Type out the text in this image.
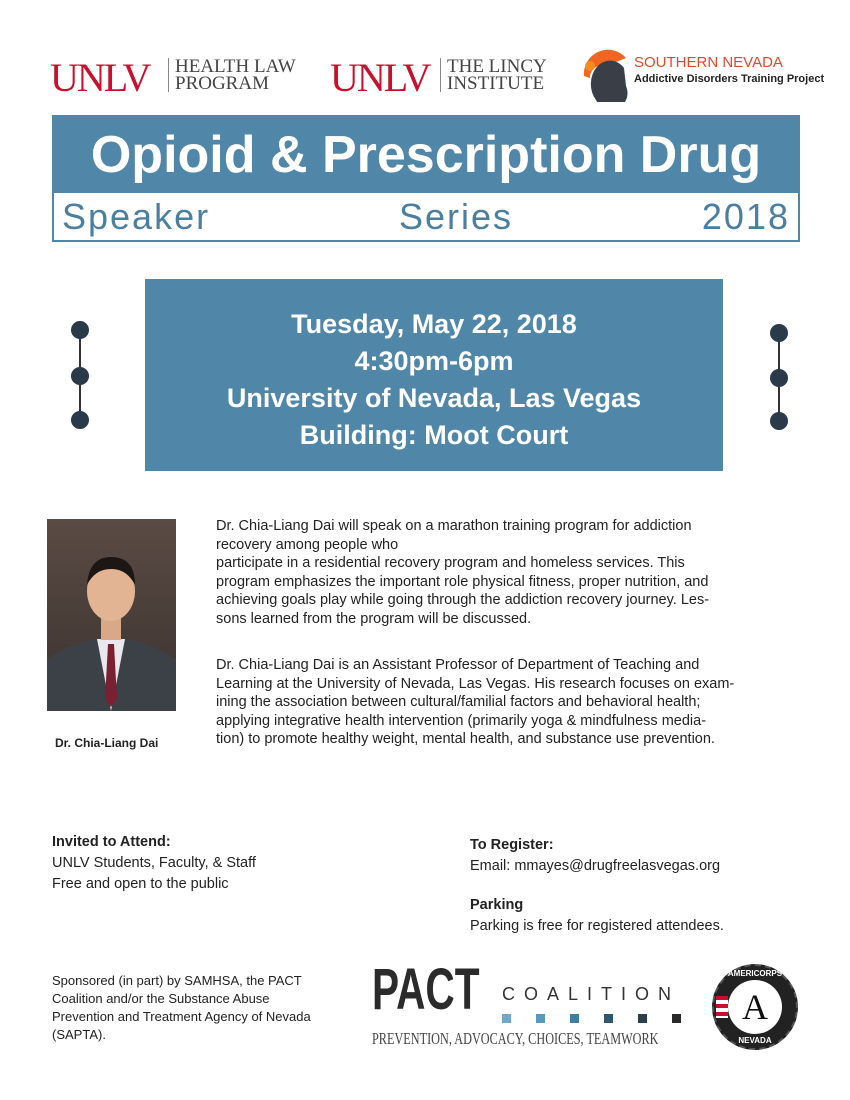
UNLV HEALTH LAW
PROGRAM	UNLV THE LINCY
INSTITUTE
SOUTHERN NEVADA
Addictive Disorders Training Project
Opioid & Prescription Drug
Speaker Series 2018
Tuesday, May 22, 2018
4:30pm-6pm
University of Nevada, Las Vegas
Building: Moot Court
Dr. Chia-Liang Dai
Dr. Chia-Liang Dai will speak on a marathon training program for addiction
recovery among people who
participate in a residential recovery program and homeless services. This
program emphasizes the important role physical fitness, proper nutrition, and
achieving goals play while going through the addiction recovery journey. Les-
sons learned from the program will be discussed.
Dr. Chia-Liang Dai is an Assistant Professor of Department of Teaching and
Learning at the University of Nevada, Las Vegas. His research focuses on exam-
ining the association between cultural/familial factors and behavioral health;
applying integrative health intervention (primarily yoga & mindfulness media-
tion) to promote healthy weight, mental health, and substance use prevention.
Invited to Attend:
UNLV Students, Faculty, & Staff
Free and open to the public
To Register:
Email: mmayes@drugfreelasvegas.org
Parking
Parking is free for registered attendees.
Sponsored (in part) by SAMHSA, the PACT
Coalition and/or the Substance Abuse
Prevention and Treatment Agency of Nevada
(SAPTA).
PACT COALITION
PREVENTION, ADVOCACY, CHOICES, TEAMWORK
A
AMERICORPS
NEVADA
